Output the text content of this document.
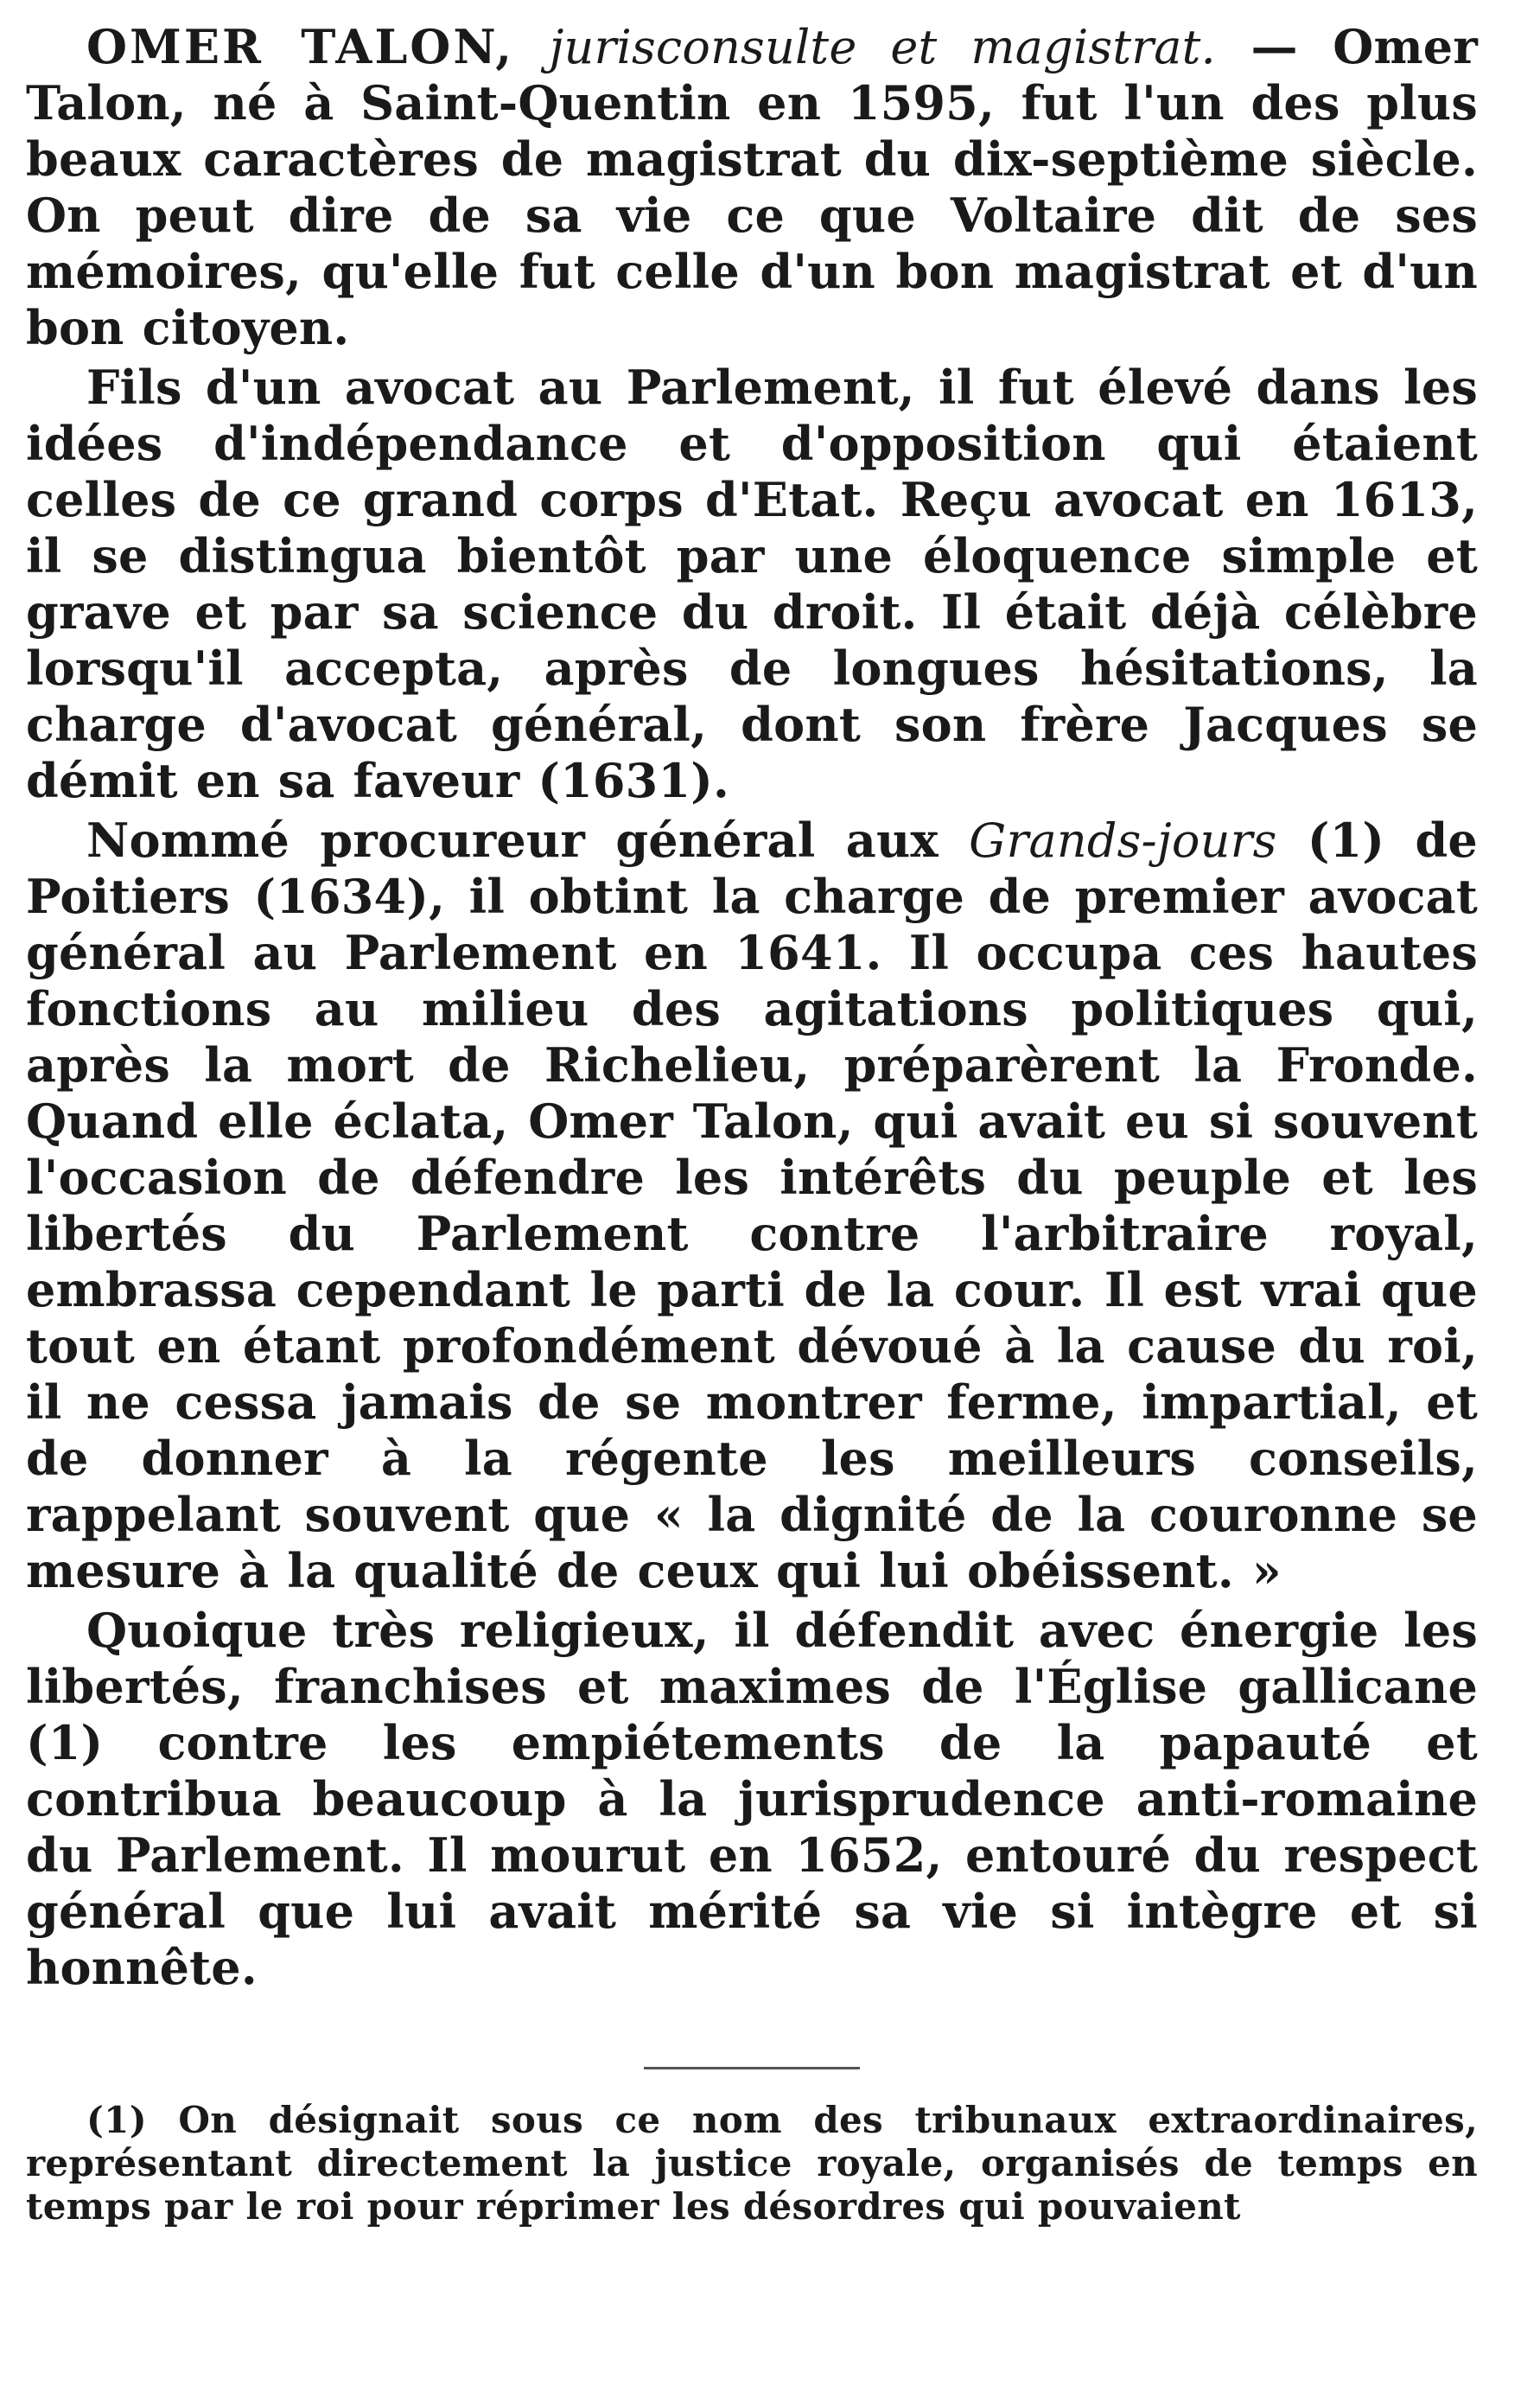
OMER TALON, jurisconsulte et magistrat. — Omer Talon, né à Saint-Quentin en 1595, fut l'un des plus beaux caractères de magistrat du dix-septième siècle. On peut dire de sa vie ce que Voltaire dit de ses mémoires, qu'elle fut celle d'un bon magistrat et d'un bon citoyen.

Fils d'un avocat au Parlement, il fut élevé dans les idées d'indépendance et d'opposition qui étaient celles de ce grand corps d'Etat. Reçu avocat en 1613, il se distingua bientôt par une éloquence simple et grave et par sa science du droit. Il était déjà célèbre lorsqu'il accepta, après de longues hésitations, la charge d'avocat général, dont son frère Jacques se démit en sa faveur (1631).

Nommé procureur général aux Grands-jours (1) de Poitiers (1634), il obtint la charge de premier avocat général au Parlement en 1641. Il occupa ces hautes fonctions au milieu des agitations politiques qui, après la mort de Richelieu, préparèrent la Fronde. Quand elle éclata, Omer Talon, qui avait eu si souvent l'occasion de défendre les intérêts du peuple et les libertés du Parlement contre l'arbitraire royal, embrassa cependant le parti de la cour. Il est vrai que tout en étant profondément dévoué à la cause du roi, il ne cessa jamais de se montrer ferme, impartial, et de donner à la régente les meilleurs conseils, rappelant souvent que « la dignité de la couronne se mesure à la qualité de ceux qui lui obéissent. »

Quoique très religieux, il défendit avec énergie les libertés, franchises et maximes de l'Église gallicane (1) contre les empiétements de la papauté et contribua beaucoup à la jurisprudence anti-romaine du Parlement. Il mourut en 1652, entouré du respect général que lui avait mérité sa vie si intègre et si honnête.

(1) On désignait sous ce nom des tribunaux extraordinaires, représentant directement la justice royale, organisés de temps en temps par le roi pour réprimer les désordres qui pouvaient
